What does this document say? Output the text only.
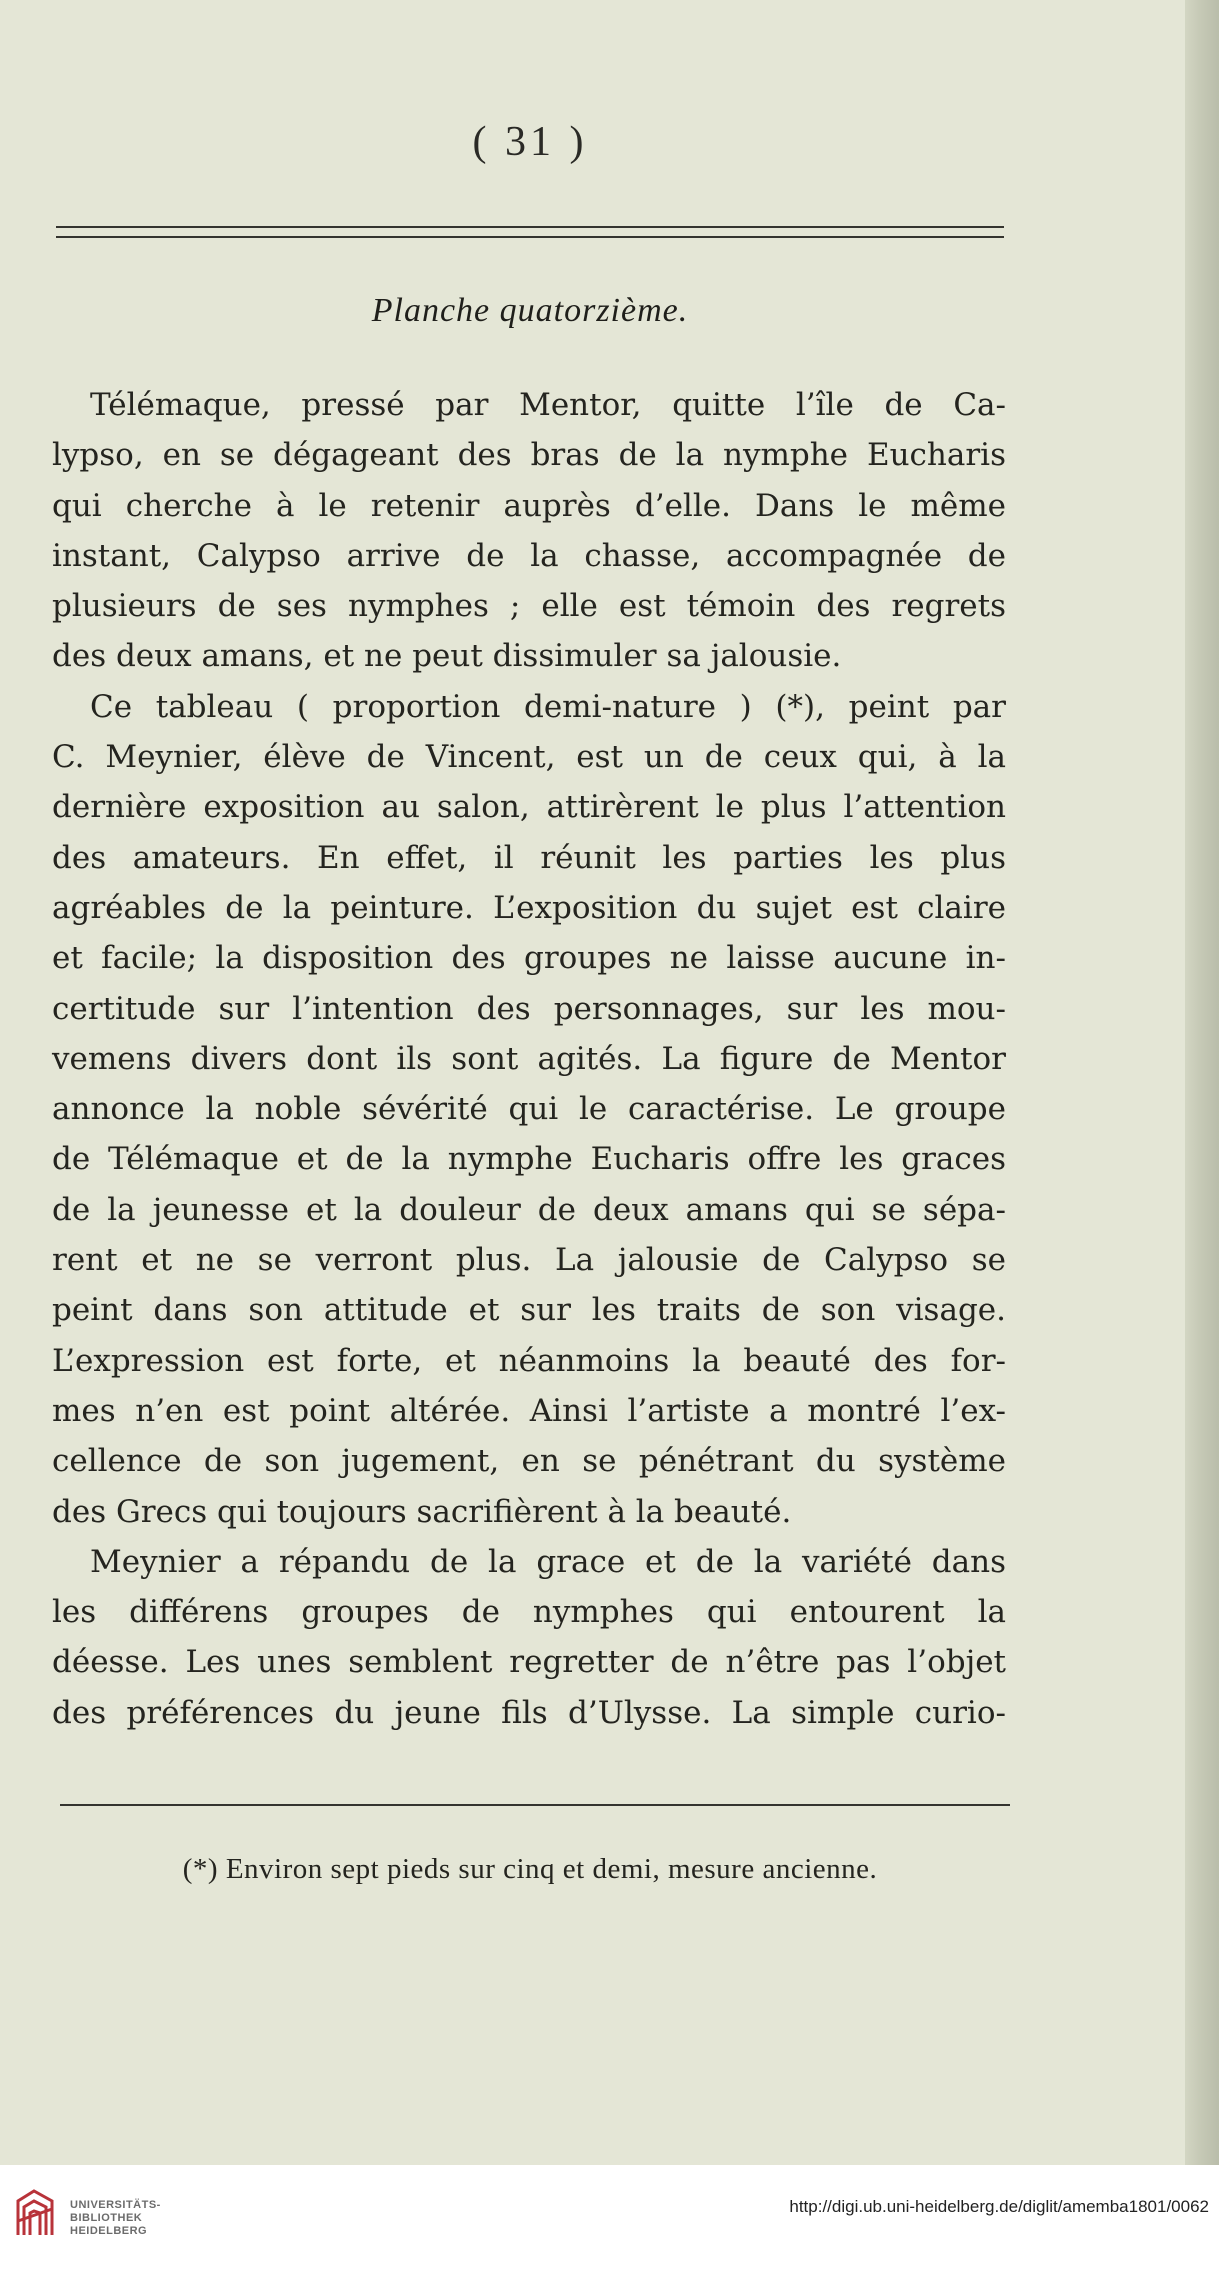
( 31 )
Planche quatorzième.
Télémaque, pressé par Mentor, quitte l’île de Ca-
lypso, en se dégageant des bras de la nymphe Eucharis
qui cherche à le retenir auprès d’elle. Dans le même
instant, Calypso arrive de la chasse, accompagnée de
plusieurs de ses nymphes ; elle est témoin des regrets
des deux amans, et ne peut dissimuler sa jalousie.
Ce tableau ( proportion demi-nature ) (*), peint par
C. Meynier, élève de Vincent, est un de ceux qui, à la
dernière exposition au salon, attirèrent le plus l’attention
des amateurs. En effet, il réunit les parties les plus
agréables de la peinture. L’exposition du sujet est claire
et facile; la disposition des groupes ne laisse aucune in-
certitude sur l’intention des personnages, sur les mou-
vemens divers dont ils sont agités. La figure de Mentor
annonce la noble sévérité qui le caractérise. Le groupe
de Télémaque et de la nymphe Eucharis offre les graces
de la jeunesse et la douleur de deux amans qui se sépa-
rent et ne se verront plus. La jalousie de Calypso se
peint dans son attitude et sur les traits de son visage.
L’expression est forte, et néanmoins la beauté des for-
mes n’en est point altérée. Ainsi l’artiste a montré l’ex-
cellence de son jugement, en se pénétrant du système
des Grecs qui toujours sacrifièrent à la beauté.
Meynier a répandu de la grace et de la variété dans
les différens groupes de nymphes qui entourent la
déesse. Les unes semblent regretter de n’être pas l’objet
des préférences du jeune fils d’Ulysse. La simple curio-
(*) Environ sept pieds sur cinq et demi, mesure ancienne.
UNIVERSITÄTS-
BIBLIOTHEK
HEIDELBERG
http://digi.ub.uni-heidelberg.de/diglit/amemba1801/0062
